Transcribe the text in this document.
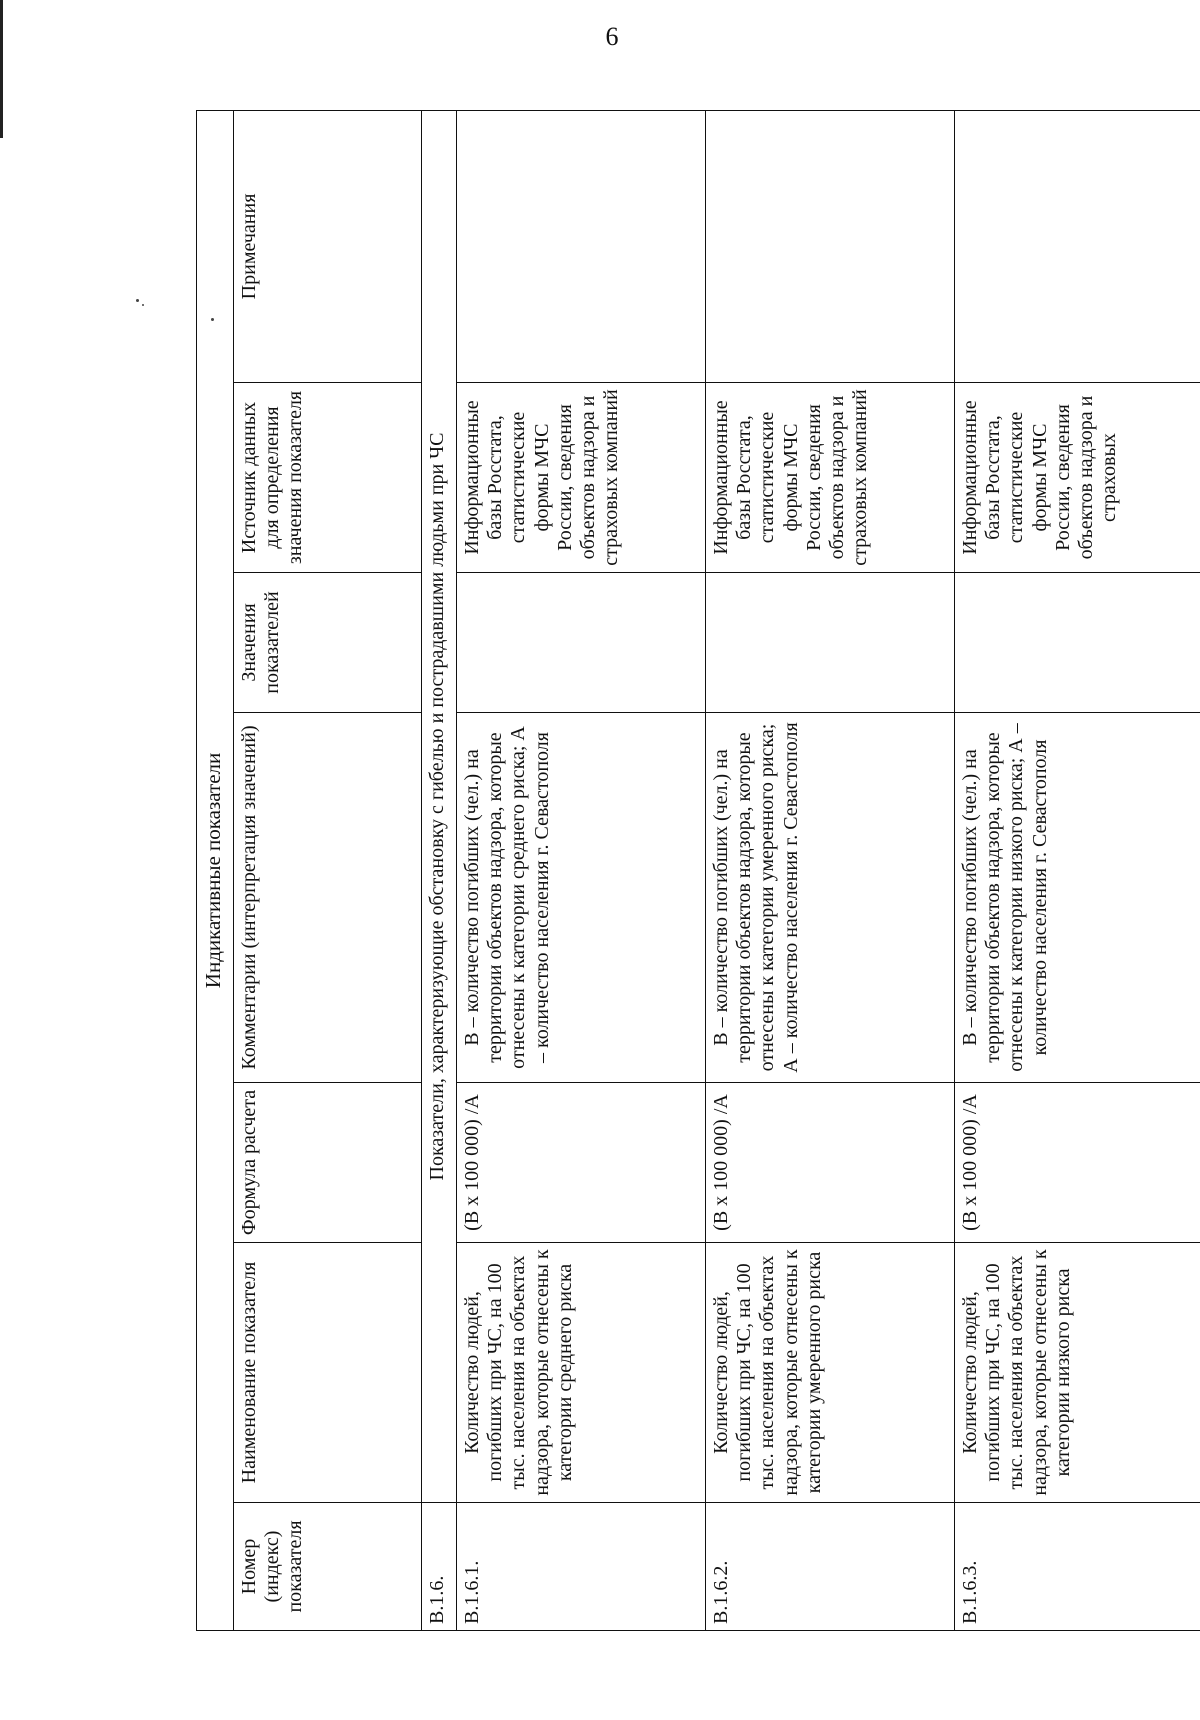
6
Индикативные показатели						
Номер (индекс) показателя	Наименование показателя	Формула расчета	Комментарии (интерпретация значений)	Значения показателей	Источник данных для определения значения показателя	Примечания
В.1.6.	Показатели, характеризующие обстановку с гибелью и пострадавшими людьми при ЧС					
В.1.6.1.	Количество людей, погибших при ЧС, на 100 тыс. населения на объектах надзора, которые отнесены к категории среднего риска	(В х 100 000) /А	В – количество погибших (чел.) на территории объектов надзора, которые отнесены к категории среднего риска; А – количество населения г. Севастополя		Информационные базы Росстата, статистические формы МЧС России, сведения объектов надзора и страховых компаний	
В.1.6.2.	Количество людей, погибших при ЧС, на 100 тыс. населения на объектах надзора, которые отнесены к категории умеренного риска	(В х 100 000) /А	В – количество погибших (чел.) на территории объектов надзора, которые отнесены к категории умеренного риска; А – количество населения г. Севастополя		Информационные базы Росстата, статистические формы МЧС России, сведения объектов надзора и страховых компаний	
В.1.6.3.	Количество людей, погибших при ЧС, на 100 тыс. населения на объектах надзора, которые отнесены к категории низкого риска	(В х 100 000) /А	В – количество погибших (чел.) на территории объектов надзора, которые отнесены к категории низкого риска; А – количество населения г. Севастополя		Информационные базы Росстата, статистические формы МЧС России, сведения объектов надзора и страховых	
